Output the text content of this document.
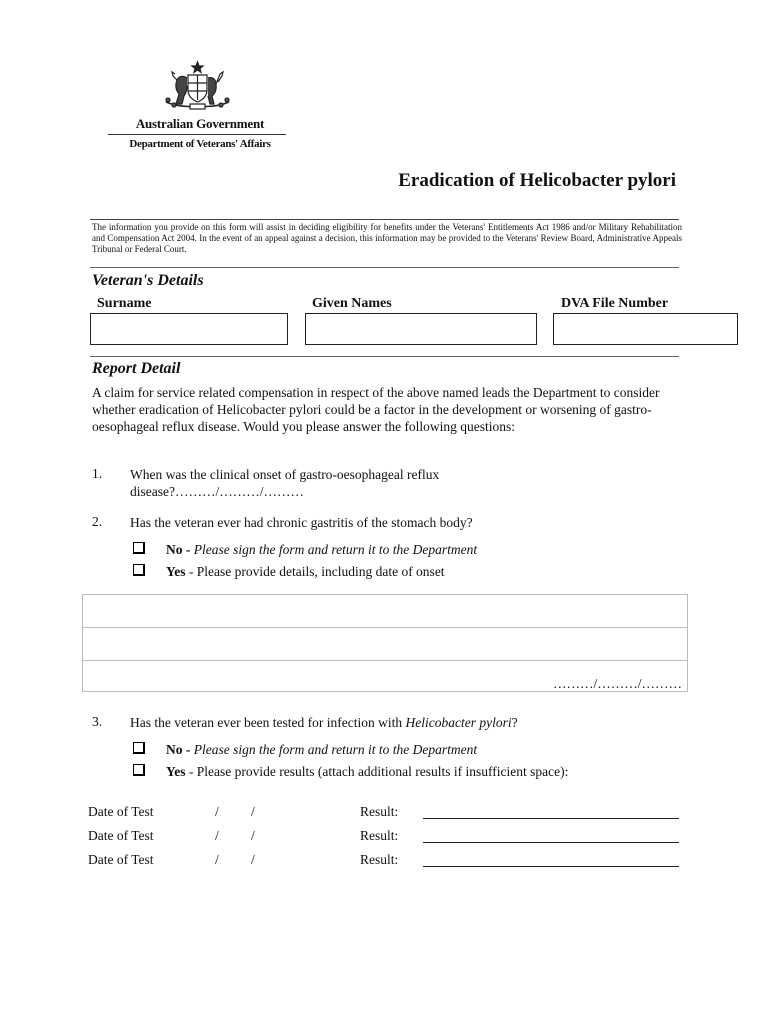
Australian Government
Department of Veterans' Affairs
Eradication of Helicobacter pylori
The information you provide on this form will assist in deciding eligibility for benefits under the Veterans' Entitlements Act 1986 and/or Military Rehabilitation and Compensation Act 2004. In the event of an appeal against a decision, this information may be provided to the Veterans' Review Board, Administrative Appeals Tribunal or Federal Court.
Veteran's Details
Surname	Given Names	DVA File Number
Report Detail
A claim for service related compensation in respect of the above named leads the Department to consider whether eradication of Helicobacter pylori could be a factor in the development or worsening of gastro-oesophageal reflux disease. Would you please answer the following questions:
1. When was the clinical onset of gastro-oesophageal reflux disease?………/………/………
2. Has the veteran ever had chronic gastritis of the stomach body?
No - Please sign the form and return it to the Department
Yes - Please provide details, including date of onset
………/………/………
3. Has the veteran ever been tested for infection with Helicobacter pylori?
No - Please sign the form and return it to the Department
Yes - Please provide results (attach additional results if insufficient space):
Date of Test	/ /	Result:
Date of Test	/ /	Result:
Date of Test	/ /	Result:
